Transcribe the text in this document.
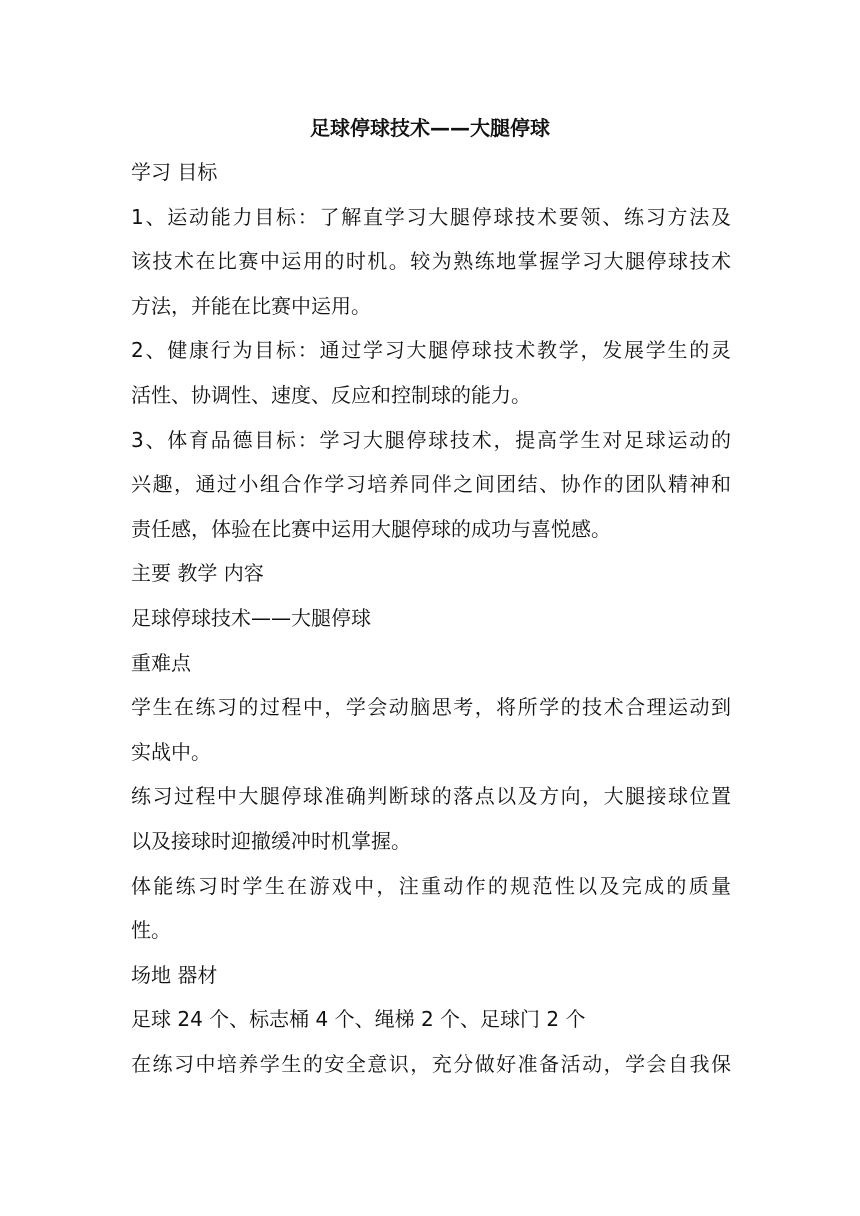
足球停球技术——大腿停球
学习 目标
1、运动能力目标：了解直学习大腿停球技术要领、练习方法及
该技术在比赛中运用的时机。较为熟练地掌握学习大腿停球技术
方法，并能在比赛中运用。
2、健康行为目标：通过学习大腿停球技术教学，发展学生的灵
活性、协调性、速度、反应和控制球的能力。
3、体育品德目标：学习大腿停球技术，提高学生对足球运动的
兴趣，通过小组合作学习培养同伴之间团结、协作的团队精神和
责任感，体验在比赛中运用大腿停球的成功与喜悦感。
主要 教学 内容
足球停球技术——大腿停球
重难点
学生在练习的过程中，学会动脑思考，将所学的技术合理运动到
实战中。
练习过程中大腿停球准确判断球的落点以及方向，大腿接球位置
以及接球时迎撤缓冲时机掌握。
体能练习时学生在游戏中，注重动作的规范性以及完成的质量
性。
场地 器材
足球 24 个、标志桶 4 个、绳梯 2 个、足球门 2 个
在练习中培养学生的安全意识，充分做好准备活动，学会自我保
